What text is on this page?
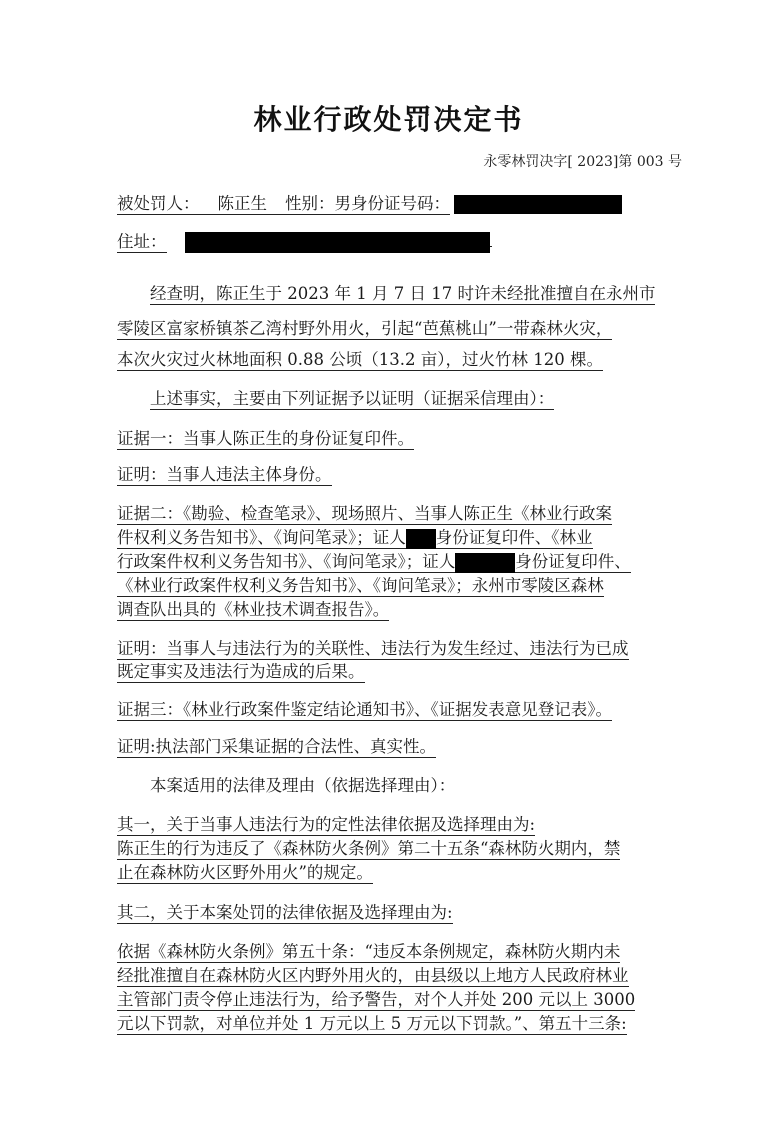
林业行政处罚决定书
永零林罚决字[ 2023]第 003 号
被处罚人： 陈正生 性别：男身份证号码：
住址：
经查明，陈正生于 2023 年 1 月 7 日 17 时许未经批准擅自在永州市
零陵区富家桥镇茶乙湾村野外用火，引起“芭蕉桃山”一带森林火灾，
本次火灾过火林地面积 0.88 公顷（13.2 亩），过火竹林 120 棵。
上述事实，主要由下列证据予以证明（证据采信理由）：
证据一：当事人陈正生的身份证复印件。
证明：当事人违法主体身份。
证据二：《勘验、检查笔录》、现场照片、当事人陈正生《林业行政案
件权利义务告知书》、《询问笔录》；证人 身份证复印件、《林业
行政案件权利义务告知书》、《询问笔录》；证人	身份证复印件、
《林业行政案件权利义务告知书》、《询问笔录》；永州市零陵区森林
调查队出具的《林业技术调查报告》。
证明：当事人与违法行为的关联性、违法行为发生经过、违法行为已成
既定事实及违法行为造成的后果。
证据三：《林业行政案件鉴定结论通知书》、《证据发表意见登记表》。
证明:执法部门采集证据的合法性、真实性。
本案适用的法律及理由（依据选择理由）：
其一，关于当事人违法行为的定性法律依据及选择理由为:
陈正生的行为违反了《森林防火条例》第二十五条“森林防火期内，禁
止在森林防火区野外用火”的规定。
其二，关于本案处罚的法律依据及选择理由为:
依据《森林防火条例》第五十条：“违反本条例规定，森林防火期内未
经批准擅自在森林防火区内野外用火的，由县级以上地方人民政府林业
主管部门责令停止违法行为，给予警告，对个人并处 200 元以上 3000
元以下罚款，对单位并处 1 万元以上 5 万元以下罚款。”、第五十三条:
